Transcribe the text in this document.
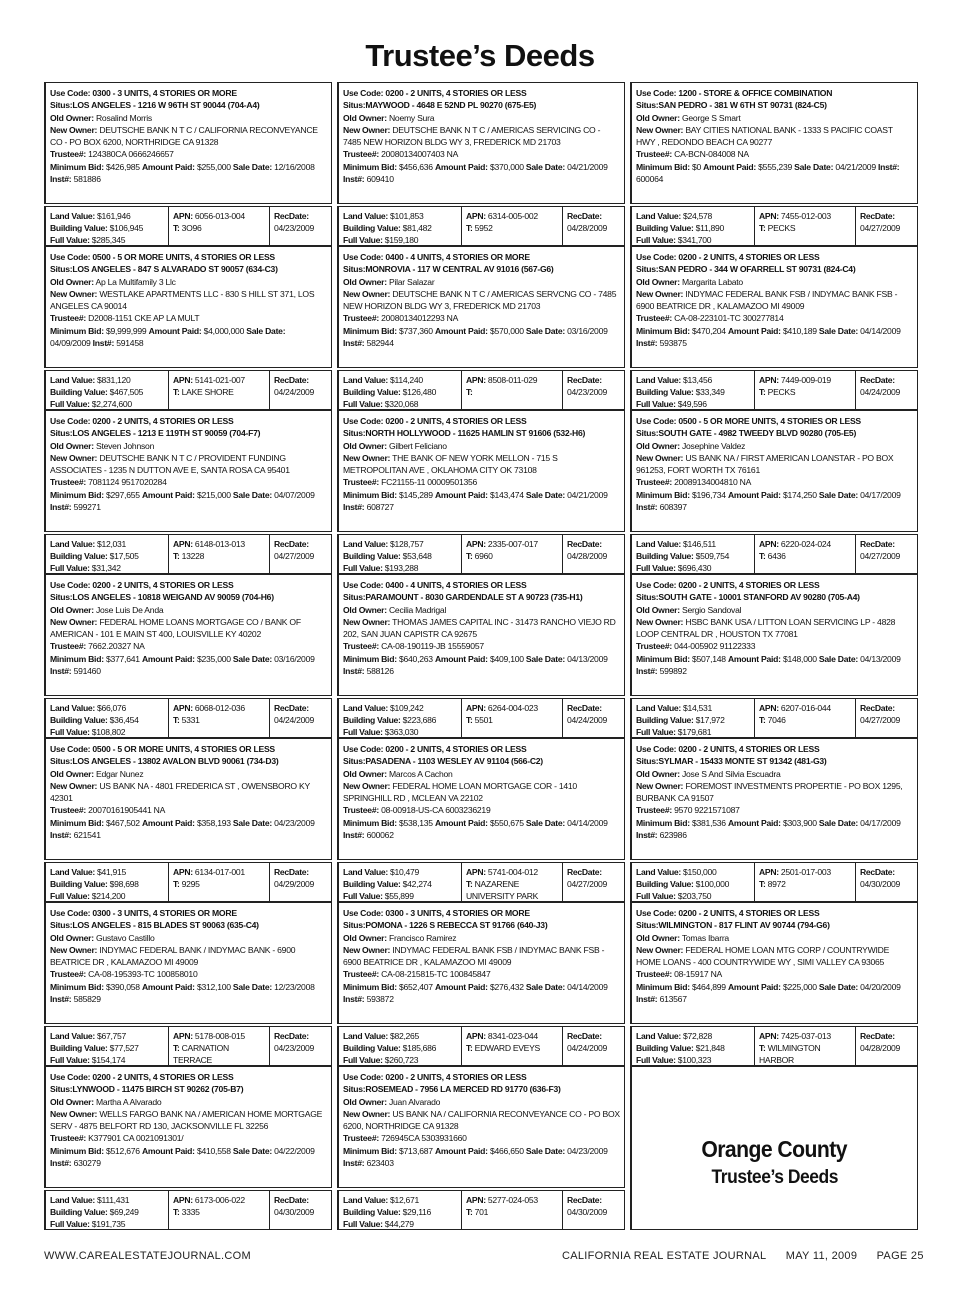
Trustee’s Deeds
Use Code: 0300 - 3 UNITS, 4 STORIES OR MORE
Situs:LOS ANGELES - 1216 W 96TH ST 90044 (704-A4)
Old Owner: Rosalind Morris
New Owner: DEUTSCHE BANK N T C / CALIFORNIA RECONVEYANCE CO - PO BOX 6200, NORTHRIDGE CA 91328
Trustee#: 124380CA 0666246657
Minimum Bid: $426,985 Amount Paid: $255,000 Sale Date: 12/16/2008 Inst#: 581886
Land Value: $161,946
Building Value: $106,945
Full Value: $285,345
APN: 6056-013-004
T: 3O96
RecDate:
04/23/2009
Use Code: 0500 - 5 OR MORE UNITS, 4 STORIES OR LESS
Situs:LOS ANGELES - 847 S ALVARADO ST 90057 (634-C3)
Old Owner: Ap La Multifamily 3 Llc
New Owner: WESTLAKE APARTMENTS LLC - 830 S HILL ST 371, LOS ANGELES CA 90014
Trustee#: D2008-1151 CKE AP LA MULT
Minimum Bid: $9,999,999 Amount Paid: $4,000,000 Sale Date: 04/09/2009 Inst#: 591458
Land Value: $831,120
Building Value: $467,505
Full Value: $2,274,600
APN: 5141-021-007
T: LAKE SHORE
RecDate:
04/24/2009
Use Code: 0200 - 2 UNITS, 4 STORIES OR LESS
Situs:LOS ANGELES - 1213 E 119TH ST 90059 (704-F7)
Old Owner: Steven Johnson
New Owner: DEUTSCHE BANK N T C / PROVIDENT FUNDING ASSOCIATES - 1235 N DUTTON AVE E, SANTA ROSA CA 95401
Trustee#: 7081124 9517020284
Minimum Bid: $297,655 Amount Paid: $215,000 Sale Date: 04/07/2009 Inst#: 599271
Land Value: $12,031
Building Value: $17,505
Full Value: $31,342
APN: 6148-013-013
T: 13228
RecDate:
04/27/2009
Use Code: 0200 - 2 UNITS, 4 STORIES OR LESS
Situs:LOS ANGELES - 10818 WEIGAND AV 90059 (704-H6)
Old Owner: Jose Luis De Anda
New Owner: FEDERAL HOME LOANS MORTGAGE CO / BANK OF AMERICAN - 101 E MAIN ST 400, LOUISVILLE KY 40202
Trustee#: 7662.20327 NA
Minimum Bid: $377,641 Amount Paid: $235,000 Sale Date: 03/16/2009 Inst#: 591460
Land Value: $66,076
Building Value: $36,454
Full Value: $108,802
APN: 6068-012-036
T: 5331
RecDate:
04/24/2009
Use Code: 0500 - 5 OR MORE UNITS, 4 STORIES OR LESS
Situs:LOS ANGELES - 13802 AVALON BLVD 90061 (734-D3)
Old Owner: Edgar Nunez
New Owner: US BANK NA - 4801 FREDERICA ST , OWENSBORO KY 42301
Trustee#: 20070161905441 NA
Minimum Bid: $467,502 Amount Paid: $358,193 Sale Date: 04/23/2009 Inst#: 621541
Land Value: $41,915
Building Value: $98,698
Full Value: $214,200
APN: 6134-017-001
T: 9295
RecDate:
04/29/2009
Use Code: 0300 - 3 UNITS, 4 STORIES OR MORE
Situs:LOS ANGELES - 815 BLADES ST 90063 (635-C4)
Old Owner: Gustavo Castillo
New Owner: INDYMAC FEDERAL BANK / INDYMAC BANK - 6900 BEATRICE DR , KALAMAZOO MI 49009
Trustee#: CA-08-195393-TC 100858010
Minimum Bid: $390,058 Amount Paid: $312,100 Sale Date: 12/23/2008 Inst#: 585829
Land Value: $67,757
Building Value: $77,527
Full Value: $154,174
APN: 5178-008-015
T: CARNATION TERRACE
RecDate:
04/23/2009
Use Code: 0200 - 2 UNITS, 4 STORIES OR LESS
Situs:LYNWOOD - 11475 BIRCH ST 90262 (705-B7)
Old Owner: Martha A Alvarado
New Owner: WELLS FARGO BANK NA / AMERICAN HOME MORTGAGE SERV - 4875 BELFORT RD 130, JACKSONVILLE FL 32256
Trustee#: K377901 CA 0021091301/
Minimum Bid: $512,676 Amount Paid: $410,558 Sale Date: 04/22/2009 Inst#: 630279
Land Value: $111,431
Building Value: $69,249
Full Value: $191,735
APN: 6173-006-022
T: 3335
RecDate:
04/30/2009
Use Code: 0200 - 2 UNITS, 4 STORIES OR LESS
Situs:MAYWOOD - 4648 E 52ND PL 90270 (675-E5)
Old Owner: Noemy Sura
New Owner: DEUTSCHE BANK N T C / AMERICAS SERVICING CO - 7485 NEW HORIZON BLDG WY 3, FREDERICK MD 21703
Trustee#: 20080134007403 NA
Minimum Bid: $456,636 Amount Paid: $370,000 Sale Date: 04/21/2009 Inst#: 609410
Land Value: $101,853
Building Value: $81,482
Full Value: $159,180
APN: 6314-005-002
T: 5952
RecDate:
04/28/2009
Use Code: 0400 - 4 UNITS, 4 STORIES OR MORE
Situs:MONROVIA - 117 W CENTRAL AV 91016 (567-G6)
Old Owner: Pilar Salazar
New Owner: DEUTSCHE BANK N T C / AMERICAS SERVCNG CO - 7485 NEW HORIZON BLDG WY 3, FREDERICK MD 21703
Trustee#: 20080134012293 NA
Minimum Bid: $737,360 Amount Paid: $570,000 Sale Date: 03/16/2009 Inst#: 582944
Land Value: $114,240
Building Value: $126,480
Full Value: $320,068
APN: 8508-011-029
T:
RecDate:
04/23/2009
Use Code: 0200 - 2 UNITS, 4 STORIES OR LESS
Situs:NORTH HOLLYWOOD - 11625 HAMLIN ST 91606 (532-H6)
Old Owner: Gilbert Feliciano
New Owner: THE BANK OF NEW YORK MELLON - 715 S METROPOLITAN AVE , OKLAHOMA CITY OK 73108
Trustee#: FC21155-11 00009501356
Minimum Bid: $145,289 Amount Paid: $143,474 Sale Date: 04/21/2009 Inst#: 608727
Land Value: $128,757
Building Value: $53,648
Full Value: $193,288
APN: 2335-007-017
T: 6960
RecDate:
04/28/2009
Use Code: 0400 - 4 UNITS, 4 STORIES OR LESS
Situs:PARAMOUNT - 8030 GARDENDALE ST A 90723 (735-H1)
Old Owner: Cecilia Madrigal
New Owner: THOMAS JAMES CAPITAL INC - 31473 RANCHO VIEJO RD 202, SAN JUAN CAPISTR CA 92675
Trustee#: CA-08-190119-JB 15559057
Minimum Bid: $640,263 Amount Paid: $409,100 Sale Date: 04/13/2009 Inst#: 588126
Land Value: $109,242
Building Value: $223,686
Full Value: $363,030
APN: 6264-004-023
T: 5501
RecDate:
04/24/2009
Use Code: 0200 - 2 UNITS, 4 STORIES OR LESS
Situs:PASADENA - 1103 WESLEY AV 91104 (566-C2)
Old Owner: Marcos A Cachon
New Owner: FEDERAL HOME LOAN MORTGAGE COR - 1410 SPRINGHILL RD , MCLEAN VA 22102
Trustee#: 08-00918-US-CA 6003236219
Minimum Bid: $538,135 Amount Paid: $550,675 Sale Date: 04/14/2009 Inst#: 600062
Land Value: $10,479
Building Value: $42,274
Full Value: $55,899
APN: 5741-004-012
T: NAZARENE UNIVERSITY PARK
RecDate:
04/27/2009
Use Code: 0300 - 3 UNITS, 4 STORIES OR MORE
Situs:POMONA - 1226 S REBECCA ST 91766 (640-J3)
Old Owner: Francisco Ramirez
New Owner: INDYMAC FEDERAL BANK FSB / INDYMAC BANK FSB - 6900 BEATRICE DR , KALAMAZOO MI 49009
Trustee#: CA-08-215815-TC 100845847
Minimum Bid: $652,407 Amount Paid: $276,432 Sale Date: 04/14/2009 Inst#: 593872
Land Value: $82,265
Building Value: $185,686
Full Value: $260,723
APN: 8341-023-044
T: EDWARD EVEYS
RecDate:
04/24/2009
Use Code: 0200 - 2 UNITS, 4 STORIES OR LESS
Situs:ROSEMEAD - 7956 LA MERCED RD 91770 (636-F3)
Old Owner: Juan Alvarado
New Owner: US BANK NA / CALIFORNIA RECONVEYANCE CO - PO BOX 6200, NORTHRIDGE CA 91328
Trustee#: 726945CA 5303931660
Minimum Bid: $713,687 Amount Paid: $466,650 Sale Date: 04/23/2009 Inst#: 623403
Land Value: $12,671
Building Value: $29,116
Full Value: $44,279
APN: 5277-024-053
T: 701
RecDate:
04/30/2009
Use Code: 1200 - STORE & OFFICE COMBINATION
Situs:SAN PEDRO - 381 W 6TH ST 90731 (824-C5)
Old Owner: George S Smart
New Owner: BAY CITIES NATIONAL BANK - 1333 S PACIFIC COAST HWY , REDONDO BEACH CA 90277
Trustee#: CA-BCN-084008 NA
Minimum Bid: $0 Amount Paid: $555,239 Sale Date: 04/21/2009 Inst#: 600064
Land Value: $24,578
Building Value: $11,890
Full Value: $341,700
APN: 7455-012-003
T: PECKS
RecDate:
04/27/2009
Use Code: 0200 - 2 UNITS, 4 STORIES OR LESS
Situs:SAN PEDRO - 344 W OFARRELL ST 90731 (824-C4)
Old Owner: Margarita Labato
New Owner: INDYMAC FEDERAL BANK FSB / INDYMAC BANK FSB - 6900 BEATRICE DR , KALAMAZOO MI 49009
Trustee#: CA-08-223101-TC 300277814
Minimum Bid: $470,204 Amount Paid: $410,189 Sale Date: 04/14/2009 Inst#: 593875
Land Value: $13,456
Building Value: $33,349
Full Value: $49,596
APN: 7449-009-019
T: PECKS
RecDate:
04/24/2009
Use Code: 0500 - 5 OR MORE UNITS, 4 STORIES OR LESS
Situs:SOUTH GATE - 4982 TWEEDY BLVD 90280 (705-E5)
Old Owner: Josephine Valdez
New Owner: US BANK NA / FIRST AMERICAN LOANSTAR - PO BOX 961253, FORT WORTH TX 76161
Trustee#: 20089134004810 NA
Minimum Bid: $196,734 Amount Paid: $174,250 Sale Date: 04/17/2009 Inst#: 608397
Land Value: $146,511
Building Value: $509,754
Full Value: $696,430
APN: 6220-024-024
T: 6436
RecDate:
04/27/2009
Use Code: 0200 - 2 UNITS, 4 STORIES OR LESS
Situs:SOUTH GATE - 10001 STANFORD AV 90280 (705-A4)
Old Owner: Sergio Sandoval
New Owner: HSBC BANK USA / LITTON LOAN SERVICING LP - 4828 LOOP CENTRAL DR , HOUSTON TX 77081
Trustee#: 044-005902 91122333
Minimum Bid: $507,148 Amount Paid: $148,000 Sale Date: 04/13/2009 Inst#: 599892
Land Value: $14,531
Building Value: $17,972
Full Value: $179,681
APN: 6207-016-044
T: 7046
RecDate:
04/27/2009
Use Code: 0200 - 2 UNITS, 4 STORIES OR LESS
Situs:SYLMAR - 15433 MONTE ST 91342 (481-G3)
Old Owner: Jose S And Silvia Escuadra
New Owner: FOREMOST INVESTMENTS PROPERTIE - PO BOX 1295, BURBANK CA 91507
Trustee#: 9570 9221571087
Minimum Bid: $381,536 Amount Paid: $303,900 Sale Date: 04/17/2009 Inst#: 623986
Land Value: $150,000
Building Value: $100,000
Full Value: $203,750
APN: 2501-017-003
T: 8972
RecDate:
04/30/2009
Use Code: 0200 - 2 UNITS, 4 STORIES OR LESS
Situs:WILMINGTON - 817 FLINT AV 90744 (794-G6)
Old Owner: Tomas Ibarra
New Owner: FEDERAL HOME LOAN MTG CORP / COUNTRYWIDE HOME LOANS - 400 COUNTRYWIDE WY , SIMI VALLEY CA 93065
Trustee#: 08-15917 NA
Minimum Bid: $464,899 Amount Paid: $225,000 Sale Date: 04/20/2009 Inst#: 613567
Land Value: $72,828
Building Value: $21,848
Full Value: $100,323
APN: 7425-037-013
T: WILMINGTON HARBOR
RecDate:
04/28/2009
Orange County
Trustee’s Deeds
WWW.CAREALESTATEJOURNAL.COM	CALIFORNIA REAL ESTATE JOURNAL MAY 11, 2009 PAGE 25
